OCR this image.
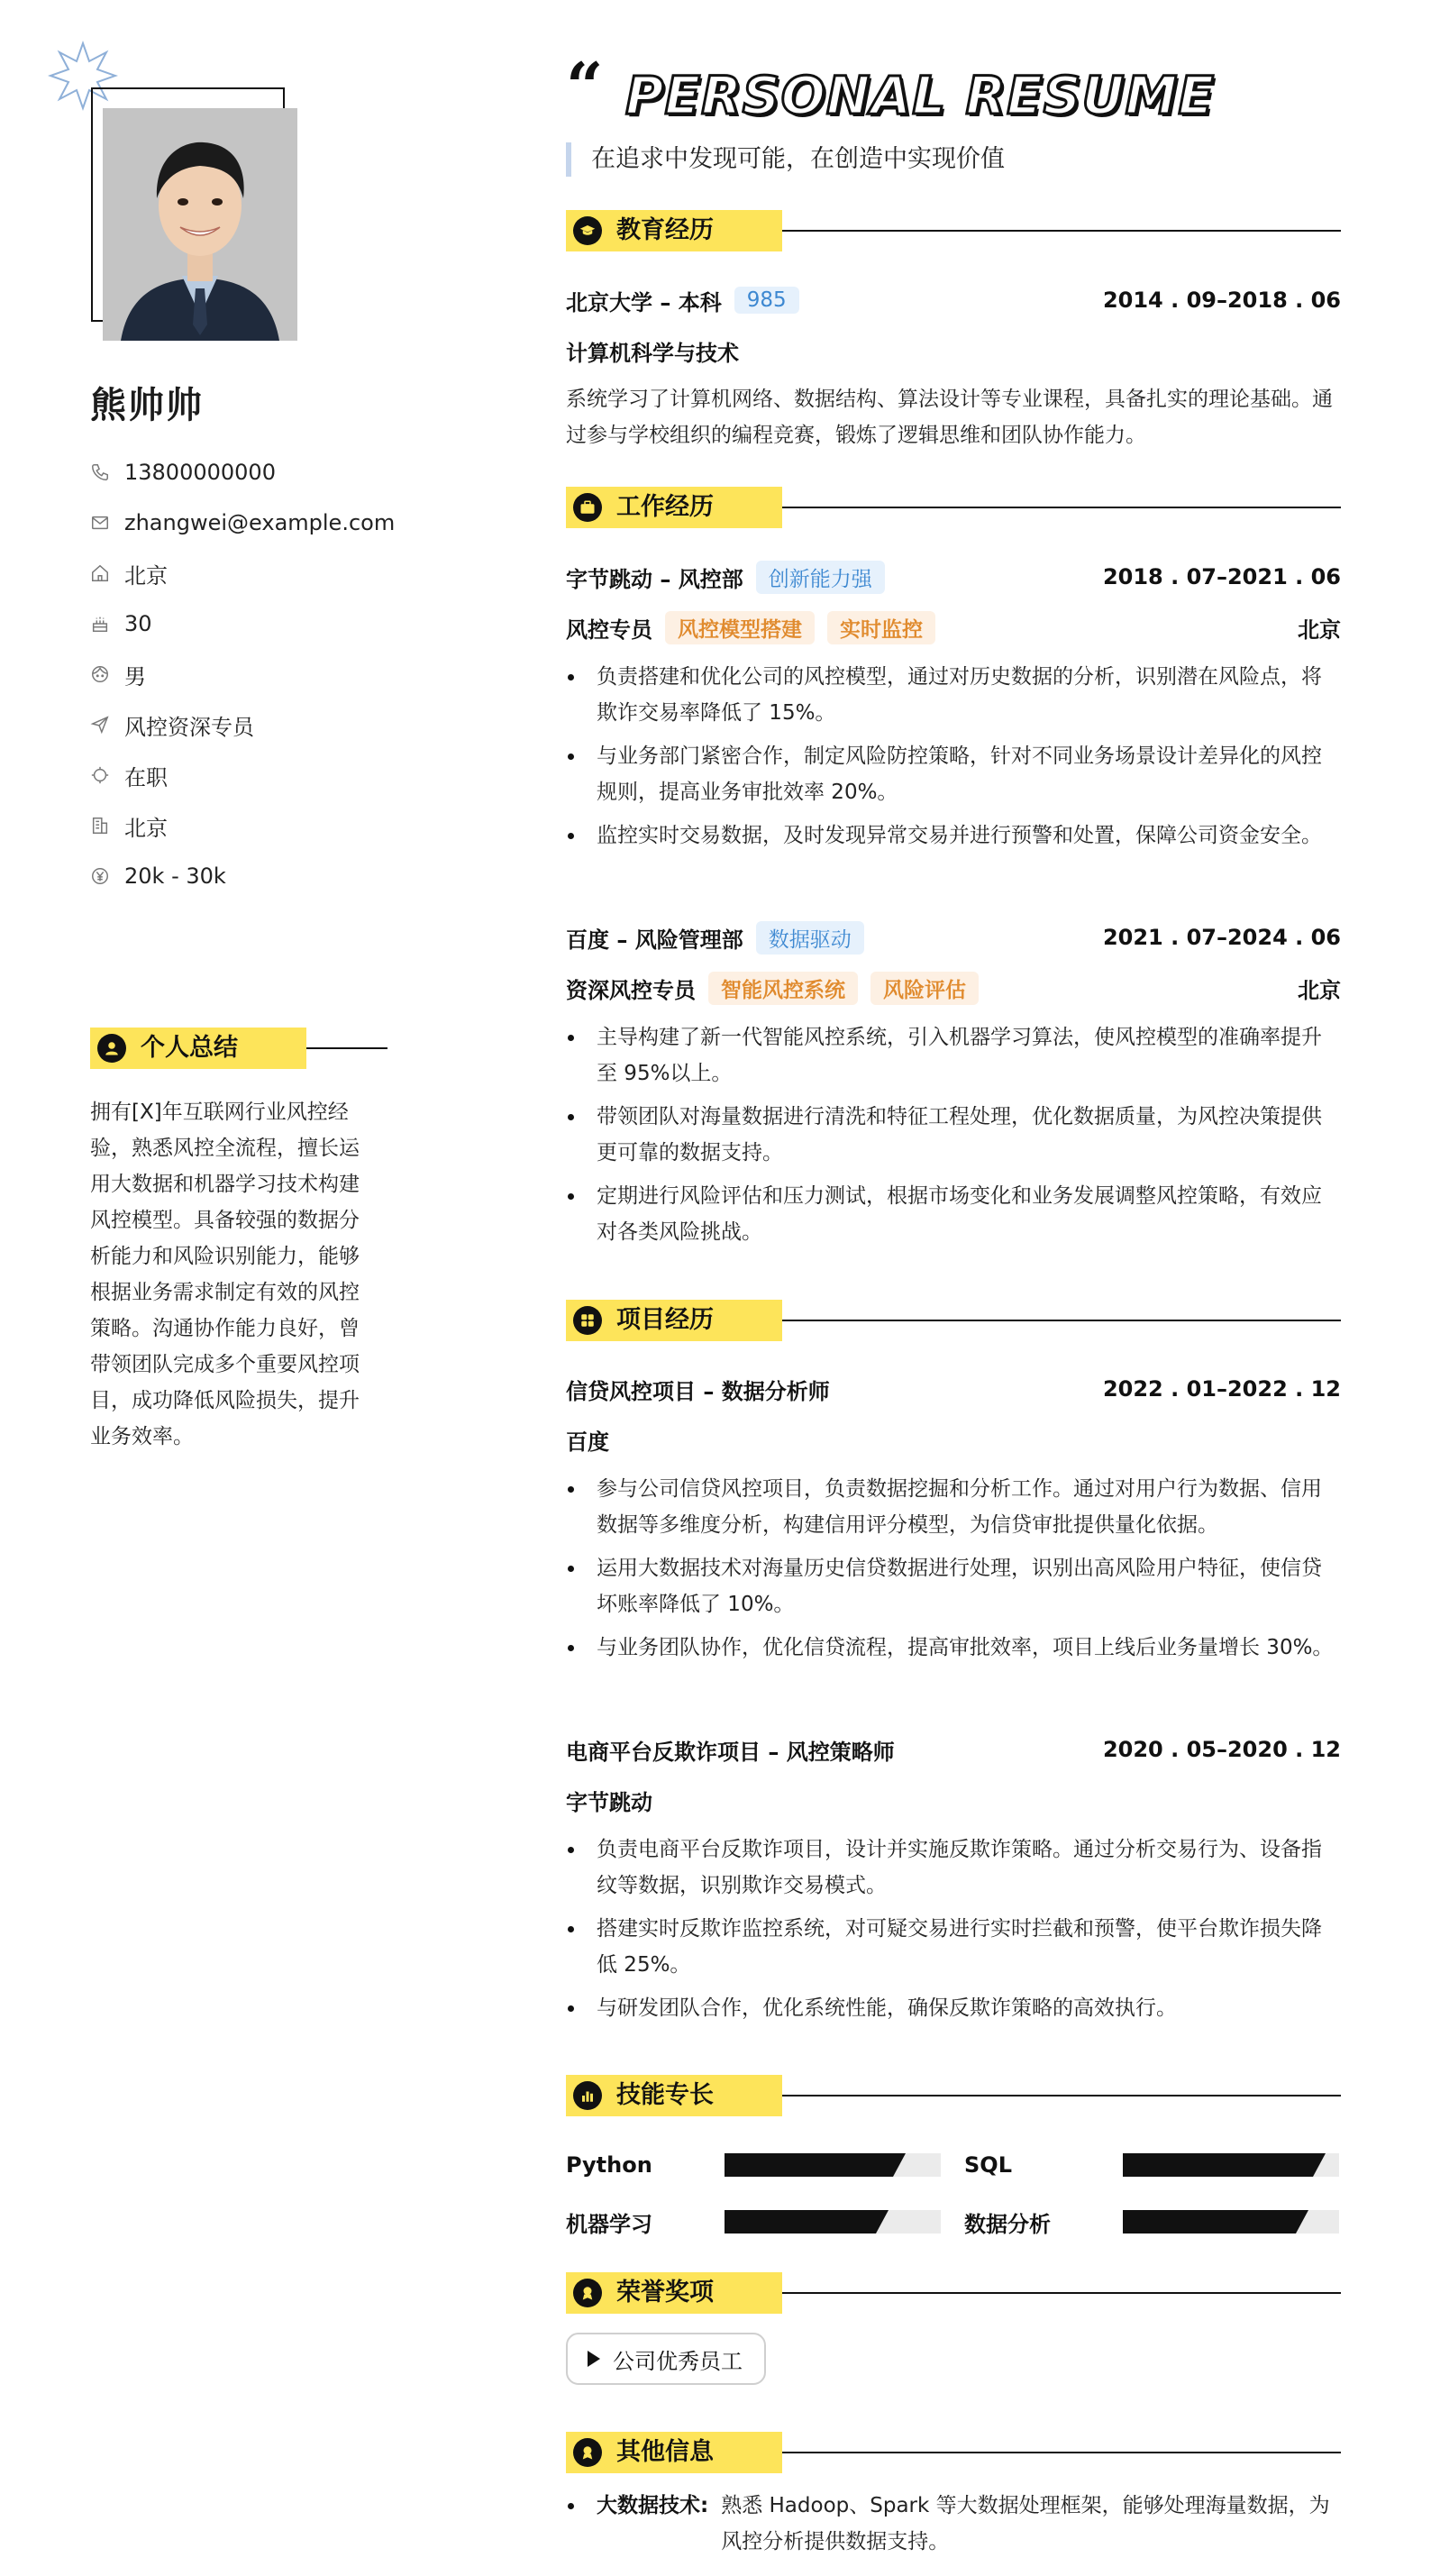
熊帅帅
13800000000
zhangwei@example.com
北京
30
男
风控资深专员
在职
北京
20k - 30k
个人总结

拥有[X]年互联网行业风控经验，熟悉风控全流程，擅长运用大数据和机器学习技术构建风控模型。具备较强的数据分析能力和风险识别能力，能够根据业务需求制定有效的风控策略。沟通协作能力良好，曾带领团队完成多个重要风控项目，成功降低风险损失，提升业务效率。

“ PERSONAL RESUME
在追求中发现可能，在创造中实现价值
教育经历
北京大学 – 本科	985	2014 . 09–2018 . 06
计算机科学与技术

系统学习了计算机网络、数据结构、算法设计等专业课程，具备扎实的理论基础。通过参与学校组织的编程竞赛，锻炼了逻辑思维和团队协作能力。

工作经历
字节跳动 – 风控部	创新能力强	2018 . 07–2021 . 06
风控专员	风控模型搭建	实时监控	北京
负责搭建和优化公司的风控模型，通过对历史数据的分析，识别潜在风险点，将欺诈交易率降低了 15%。
与业务部门紧密合作，制定风险防控策略，针对不同业务场景设计差异化的风控规则，提高业务审批效率 20%。
监控实时交易数据，及时发现异常交易并进行预警和处置，保障公司资金安全。
百度 – 风险管理部	数据驱动	2021 . 07–2024 . 06
资深风控专员	智能风控系统	风险评估	北京
主导构建了新一代智能风控系统，引入机器学习算法，使风控模型的准确率提升至 95%以上。
带领团队对海量数据进行清洗和特征工程处理，优化数据质量，为风控决策提供更可靠的数据支持。
定期进行风险评估和压力测试，根据市场变化和业务发展调整风控策略，有效应对各类风险挑战。
项目经历
信贷风控项目 – 数据分析师	2022 . 01–2022 . 12
百度
参与公司信贷风控项目，负责数据挖掘和分析工作。通过对用户行为数据、信用数据等多维度分析，构建信用评分模型，为信贷审批提供量化依据。
运用大数据技术对海量历史信贷数据进行处理，识别出高风险用户特征，使信贷坏账率降低了 10%。
与业务团队协作，优化信贷流程，提高审批效率，项目上线后业务量增长 30%。
电商平台反欺诈项目 – 风控策略师	2020 . 05–2020 . 12
字节跳动
负责电商平台反欺诈项目，设计并实施反欺诈策略。通过分析交易行为、设备指纹等数据，识别欺诈交易模式。
搭建实时反欺诈监控系统，对可疑交易进行实时拦截和预警，使平台欺诈损失降低 25%。
与研发团队合作，优化系统性能，确保反欺诈策略的高效执行。
技能专长
Python	SQL
机器学习	数据分析
荣誉奖项
公司优秀员工
其他信息
大数据技术: 熟悉 Hadoop、Spark 等大数据处理框架，能够处理海量数据，为风控分析提供数据支持。
